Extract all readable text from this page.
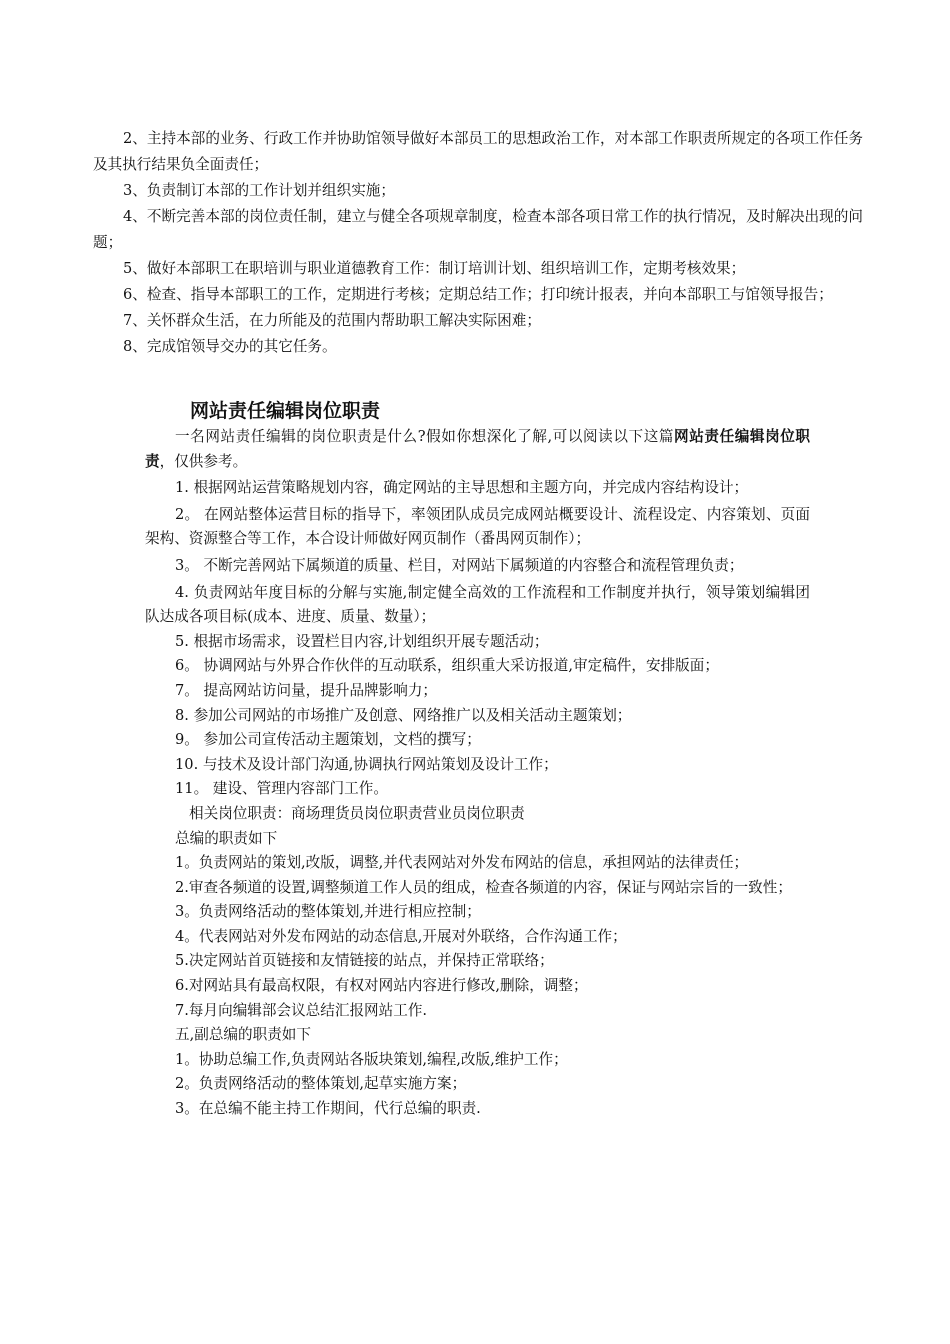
2、主持本部的业务、行政工作并协助馆领导做好本部员工的思想政治工作，对本部工作职责所规定的各项工作任务及其执行结果负全面责任；

3、负责制订本部的工作计划并组织实施；

4、不断完善本部的岗位责任制，建立与健全各项规章制度，检查本部各项日常工作的执行情况，及时解决出现的问题；

5、做好本部职工在职培训与职业道德教育工作：制订培训计划、组织培训工作，定期考核效果；

6、检查、指导本部职工的工作，定期进行考核；定期总结工作；打印统计报表，并向本部职工与馆领导报告；

7、关怀群众生活，在力所能及的范围内帮助职工解决实际困难；

8、完成馆领导交办的其它任务。

网站责任编辑岗位职责

一名网站责任编辑的岗位职责是什么?假如你想深化了解,可以阅读以下这篇网站责任编辑岗位职责，仅供参考。

1. 根据网站运营策略规划内容，确定网站的主导思想和主题方向，并完成内容结构设计；

2。 在网站整体运营目标的指导下，率领团队成员完成网站概要设计、流程设定、内容策划、页面架构、资源整合等工作，本合设计师做好网页制作（番禺网页制作）；

3。 不断完善网站下属频道的质量、栏目，对网站下属频道的内容整合和流程管理负责；

4. 负责网站年度目标的分解与实施,制定健全高效的工作流程和工作制度并执行，领导策划编辑团队达成各项目标(成本、进度、质量、数量）；

5. 根据市场需求，设置栏目内容,计划组织开展专题活动；

6。 协调网站与外界合作伙伴的互动联系，组织重大采访报道,审定稿件，安排版面；

7。 提高网站访问量，提升品牌影响力；

8. 参加公司网站的市场推广及创意、网络推广以及相关活动主题策划；

9。 参加公司宣传活动主题策划，文档的撰写；

10. 与技术及设计部门沟通,协调执行网站策划及设计工作；

11。 建设、管理内容部门工作。

相关岗位职责：商场理货员岗位职责营业员岗位职责

总编的职责如下

1。负责网站的策划,改版，调整,并代表网站对外发布网站的信息，承担网站的法律责任；

2.审查各频道的设置,调整频道工作人员的组成，检查各频道的内容，保证与网站宗旨的一致性；

3。负责网络活动的整体策划,并进行相应控制；

4。代表网站对外发布网站的动态信息,开展对外联络，合作沟通工作；

5.决定网站首页链接和友情链接的站点，并保持正常联络；

6.对网站具有最高权限，有权对网站内容进行修改,删除，调整；

7.每月向编辑部会议总结汇报网站工作.

五,副总编的职责如下

1。协助总编工作,负责网站各版块策划,编程,改版,维护工作；

2。负责网络活动的整体策划,起草实施方案；

3。在总编不能主持工作期间，代行总编的职责.
